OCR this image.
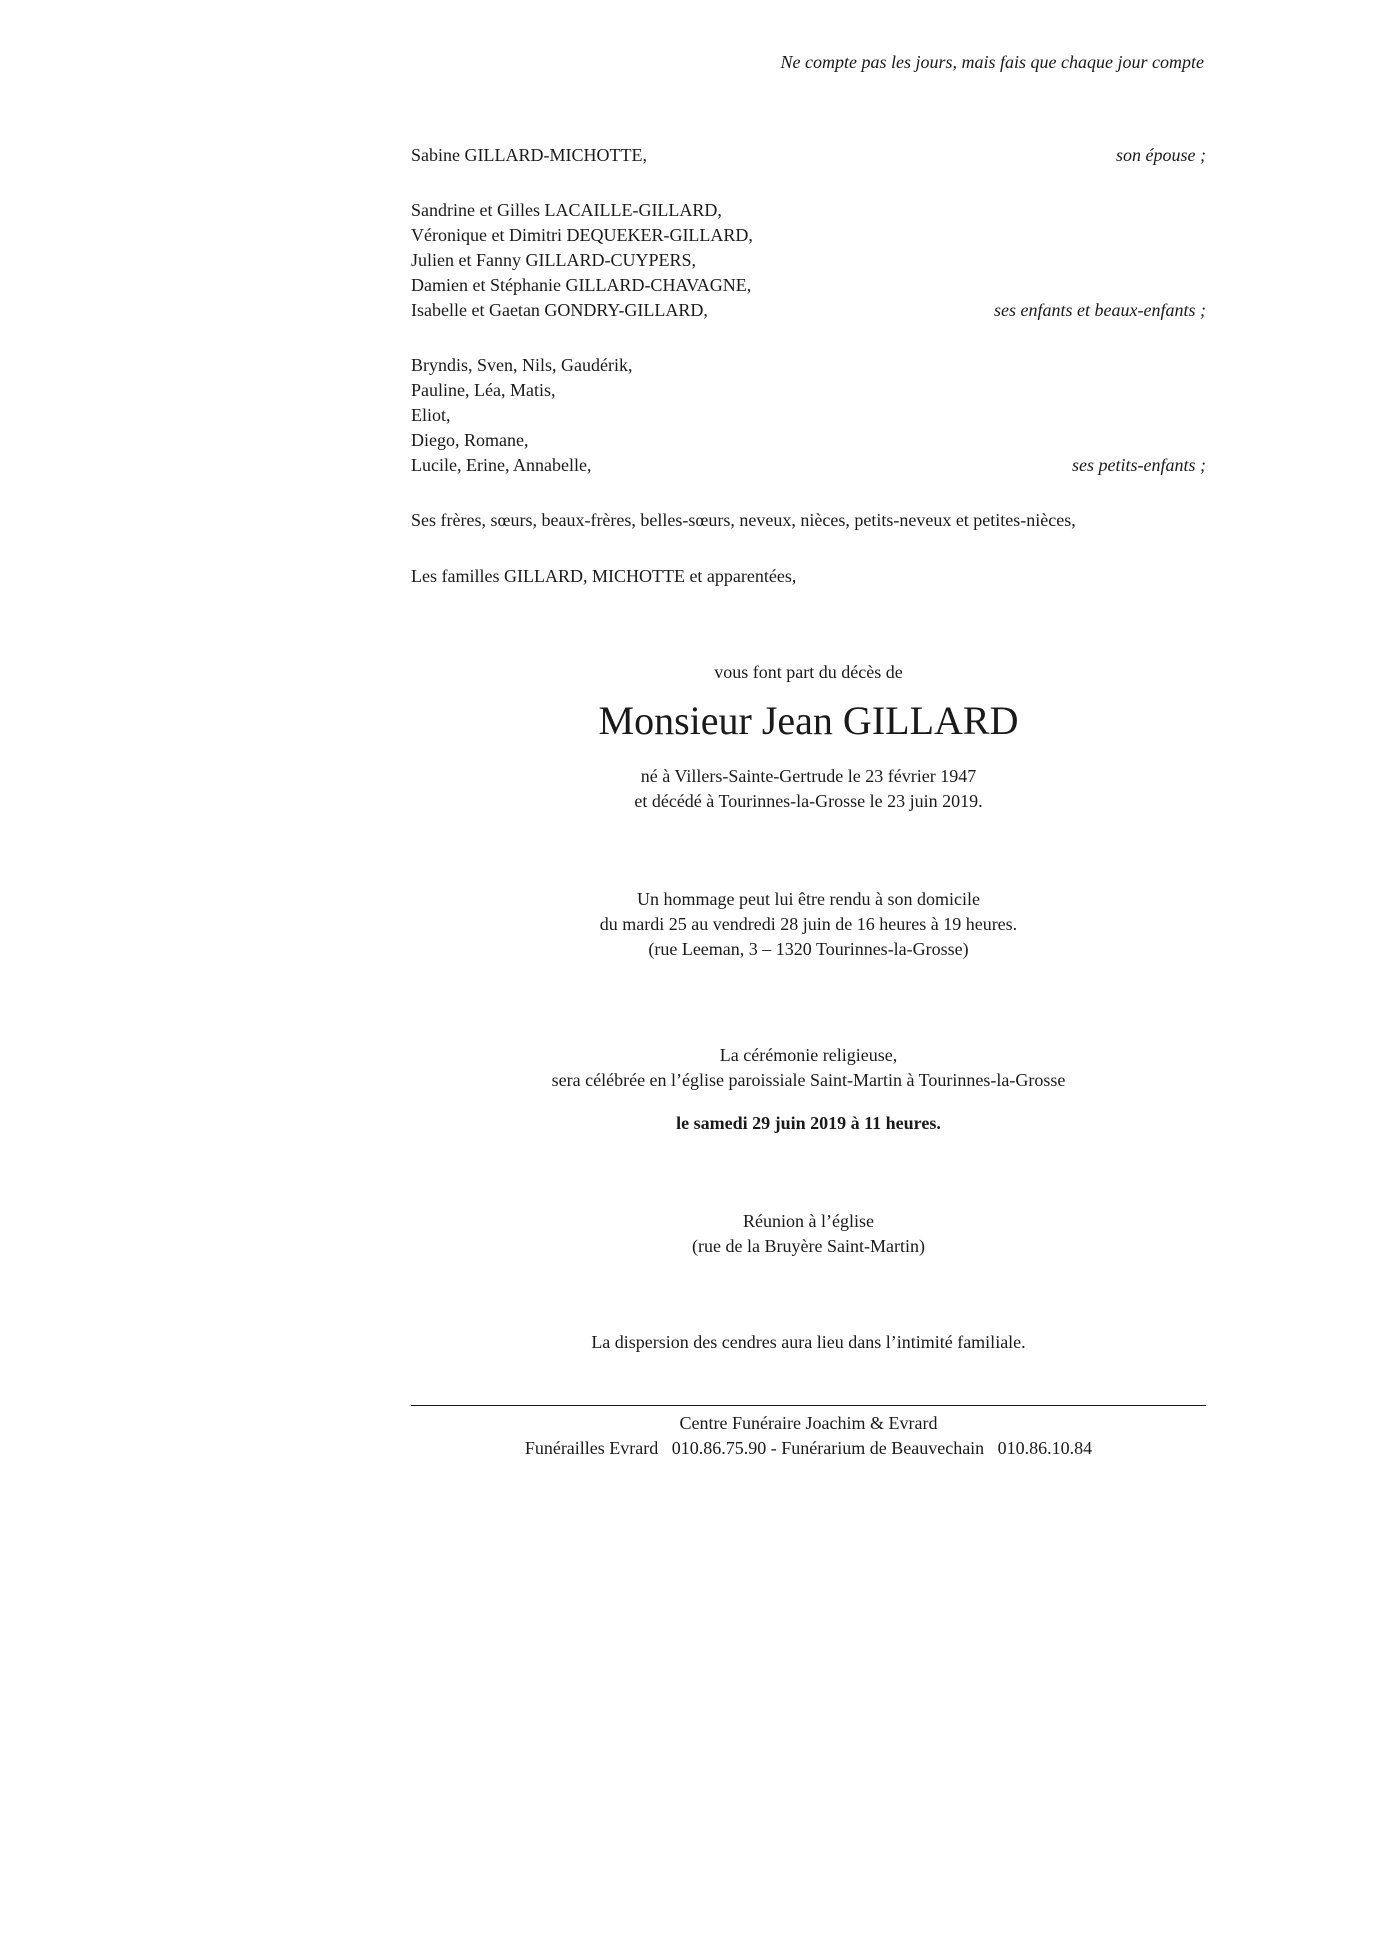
Ne compte pas les jours, mais fais que chaque jour compte
Sabine GILLARD-MICHOTTE,	son épouse ;
Sandrine et Gilles LACAILLE-GILLARD,
Véronique et Dimitri DEQUEKER-GILLARD,
Julien et Fanny GILLARD-CUYPERS,
Damien et Stéphanie GILLARD-CHAVAGNE,
Isabelle et Gaetan GONDRY-GILLARD,	ses enfants et beaux-enfants ;
Bryndis, Sven, Nils, Gaudérik,
Pauline, Léa, Matis,
Eliot,
Diego, Romane,
Lucile, Erine, Annabelle,	ses petits-enfants ;
Ses frères, sœurs, beaux-frères, belles-sœurs, neveux, nièces, petits-neveux et petites-nièces,
Les familles GILLARD, MICHOTTE et apparentées,
vous font part du décès de
Monsieur Jean GILLARD
né à Villers-Sainte-Gertrude le 23 février 1947
et décédé à Tourinnes-la-Grosse le 23 juin 2019.
Un hommage peut lui être rendu à son domicile
du mardi 25 au vendredi 28 juin de 16 heures à 19 heures.
(rue Leeman, 3 – 1320 Tourinnes-la-Grosse)
La cérémonie religieuse,
sera célébrée en l’église paroissiale Saint-Martin à Tourinnes-la-Grosse
le samedi 29 juin 2019 à 11 heures.
Réunion à l’église
(rue de la Bruyère Saint-Martin)
La dispersion des cendres aura lieu dans l’intimité familiale.
Centre Funéraire Joachim & Evrard
Funérailles Evrard   010.86.75.90 - Funérarium de Beauvechain   010.86.10.84
